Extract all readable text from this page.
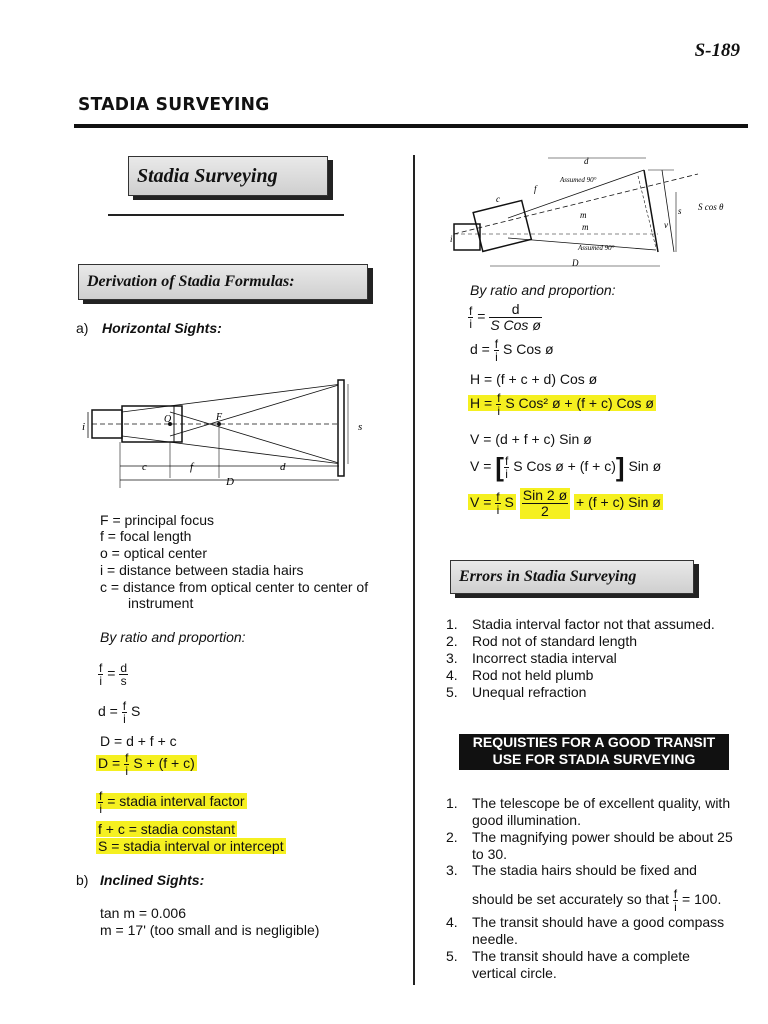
S-189
STADIA SURVEYING
Stadia Surveying
Derivation of Stadia Formulas:
a) Horizontal Sights:
i
O	F
s
c	f	d
D
F = principal focus
f = focal length
o = optical center
i = distance between stadia hairs
c = distance from optical center to center of
instrument
By ratio and proportion:
$\frac{f}{i} = \frac{d}{s}$
$d = \frac{f}{i}$ S
D = d + f + c
$D = \frac{f}{i}$ S + (f + c)
$\frac{f}{i}$ = stadia interval factor
f + c = stadia constant
S = stadia interval or intercept
b) Inclined Sights:
tan m = 0.006
m = 17' (too small and is negligible)
d
Assumed 90°
c
f
m
m
s
v
S cos θ
Assumed 90°
D
i
By ratio and proportion:
$\frac{f}{i} = \frac{d}{\text{S Cos ø}}$
$d = \frac{f}{i}$ S Cos ø
H = (f + c + d) Cos ø
$H = \frac{f}{i}$ S Cos² ø + (f + c) Cos ø
V = (d + f + c) Sin ø
V = [ $\frac{f}{i}$ S Cos ø + (f + c)] Sin ø
$V = \frac{f}{i}$ S $\frac{\text{Sin 2 ø}}{2} + (f + c)$ Sin ø
Errors in Stadia Surveying
1. Stadia interval factor not that assumed.
2. Rod not of standard length
3. Incorrect stadia interval
4. Rod not held plumb
5. Unequal refraction
REQUISTIES FOR A GOOD TRANSIT
USE FOR STADIA SURVEYING
1. The telescope be of excellent quality, with
good illumination.
2. The magnifying power should be about 25
to 30.
3. The stadia hairs should be fixed and
should be set accurately so that $\frac{f}{i} = 100$.
4. The transit should have a good compass
needle.
5. The transit should have a complete
vertical circle.
